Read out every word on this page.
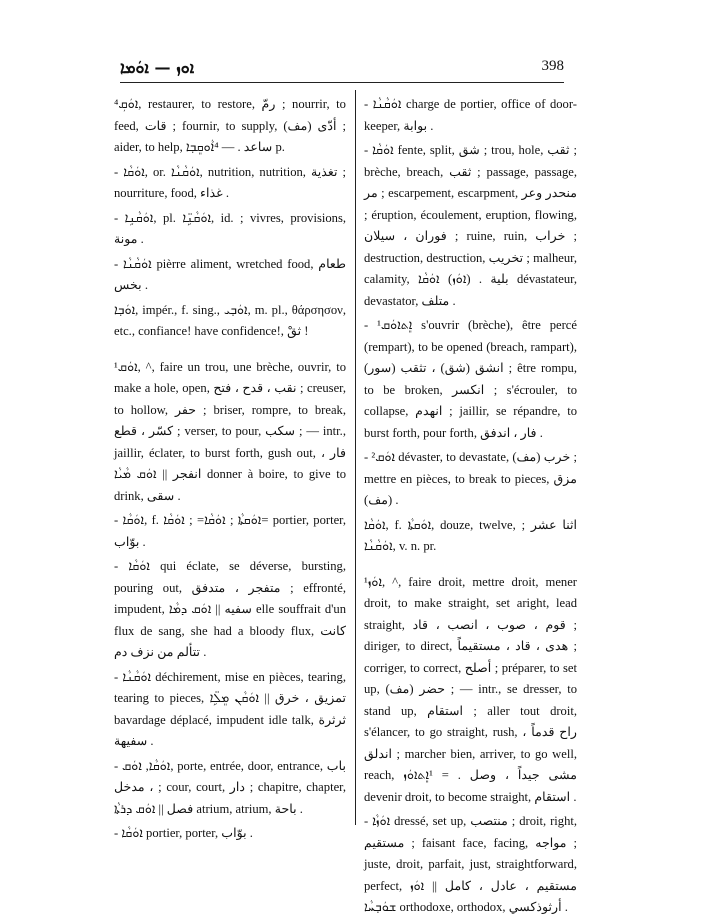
ܐܘܙ — ܐܘܿܡܐ	398

⁴ܐܘܿܩܼ, restaurer, to restore, رمّ ; nourrir, to feed, قات ; fournir, to supply, أدّى (مف) ; aider, to help, ساعد . — ⁴ܐܵܘܩܸܒ̣ܐ p.

- ܐܘܿܩܵܐ, or. ܐܘܿܩܵܢܵܐ, nutrition, nutrition, تغذية ; nourriture, food, غذاء .

- ܐܘܿܩܵܢܹܐ, pl. ܐܘܿܩܵܢܹ̈ܐ, id. ; vivres, provisions, مونة .

- ܐܘܿܩܵܢܵܐ pièrre aliment, wretched food, طعام بخس .

ܐܘܿܒ̣ܐ, impér., f. sing., ܐܘܿܒ̣ܝ, m. pl., θάρσησον, etc., confiance! have confidence!, ثقْ !

¹ܐܘܿܩ, ^, faire un trou, une brèche, ouvrir, to make a hole, open, نقب ، قدح ، فتح ; creuser, to hollow, حفر ; briser, rompre, to break, كسّر ، قطع ; verser, to pour, سكب ; — intr., jaillir, éclater, to burst forth, gush out, فار ، انفجر || ܐܘܿܩ ܡܵܝܵܐ donner à boire, to give to drink, سقى .

- ܐܘܿܩܵܐ, f. ܐܘܿܩܬܵܐ ; ܐܘܿܩܵܐ= ; ܐܘܿܩܵܐ= portier, porter, بوّاب .

- ܐܘܿܩܵܐ qui éclate, se déverse, bursting, pouring out, متفجر ، متدفق ; effronté, impudent, سفيه || ܐܘܿܩ ܕܡܵܐ elle souffrait d'un flux de sang, she had a bloody flux, كانت تتألم من نزف دم .

- ܐܘܿܩܵܢܵܐ déchirement, mise en pièces, tearing, tearing to pieces, تمزيق ، خرق || ܐܘܿܩܵܢ ܡܸܠܹ̈ܐ bavardage déplacé, impudent idle talk, ثرثرة سفيهة .

- ܐܘܿܩܵܐ, ܐܘܿܩ, porte, entrée, door, entrance, باب ، مدخل ; cour, court, دار ; chapitre, chapter, فصل || ܐܘܿܩ ܕܪܬܵܐ atrium, atrium, باحة .

- ܐܘܿܩܵܐ portier, porter, بوّاب .

- ܐܘܿܩܵܢܵܐ charge de portier, office of door-keeper, بوابة .

- ܐܘܿܩܵܐ fente, split, شق ; trou, hole, ثقب ; brèche, breach, ثقب ; passage, passage, مر ; escarpement, escarpment, منحدر وعر ; éruption, écoulement, eruption, flowing, فوران ، سيلان ; ruine, ruin, خراب ; destruction, destruction, تخريب ; malheur, calamity, بلية . (ܐܘܿܙ) ܐܘܿܩܵܐ dévastateur, devastator, متلف .

- ¹ܐܸܬܐܘܿܩ s'ouvrir (brèche), être percé (rempart), to be opened (breach, rampart), انشق (شق) ، تثقب (سور) ; être rompu, to be broken, انكسر ; s'écrouler, to collapse, انهدم ; jaillir, se répandre, to burst forth, pour forth, فار ، اندفق .

- ²ܐܘܿܩ dévaster, to devastate, خرب (مف) ; mettre en pièces, to break to pieces, مزق (مف) .

ܐܘܿܩܵܐ, f. ܐܘܿܩܬܵܐ, douze, twelve, اثنا عشر ; ܐܘܿܩܵܢܵܐ, v. n. pr.

¹ܐܘܿܙ, ^, faire droit, mettre droit, mener droit, to make straight, set aright, lead straight, قوم ، صوب ، انصب ، قاد ; diriger, to direct, هدى ، قاد ، مستقيماً ; corriger, to correct, أصلح ; préparer, to set up, حضر (مف) ; — intr., se dresser, to stand up, استقام ; aller tout droit, s'élancer, to go straight, rush, راح قدماً ، اندلق ; marcher bien, arriver, to go well, reach, مشى جيداً ، وصل . = ¹ܐܸܬܐܘܿܙ devenir droit, to become straight, استقام .

- ܐܘܿܙܵܐ dressé, set up, منتصب ; droit, right, مستقيم ; faisant face, facing, مواجه ; juste, droit, parfait, just, straightforward, perfect, مستقيم ، عادل ، كامل || ܐܘܿܙ ܫܘܿܒ̣ܚܵܐ orthodoxe, orthodox, أرثوذكسي .
